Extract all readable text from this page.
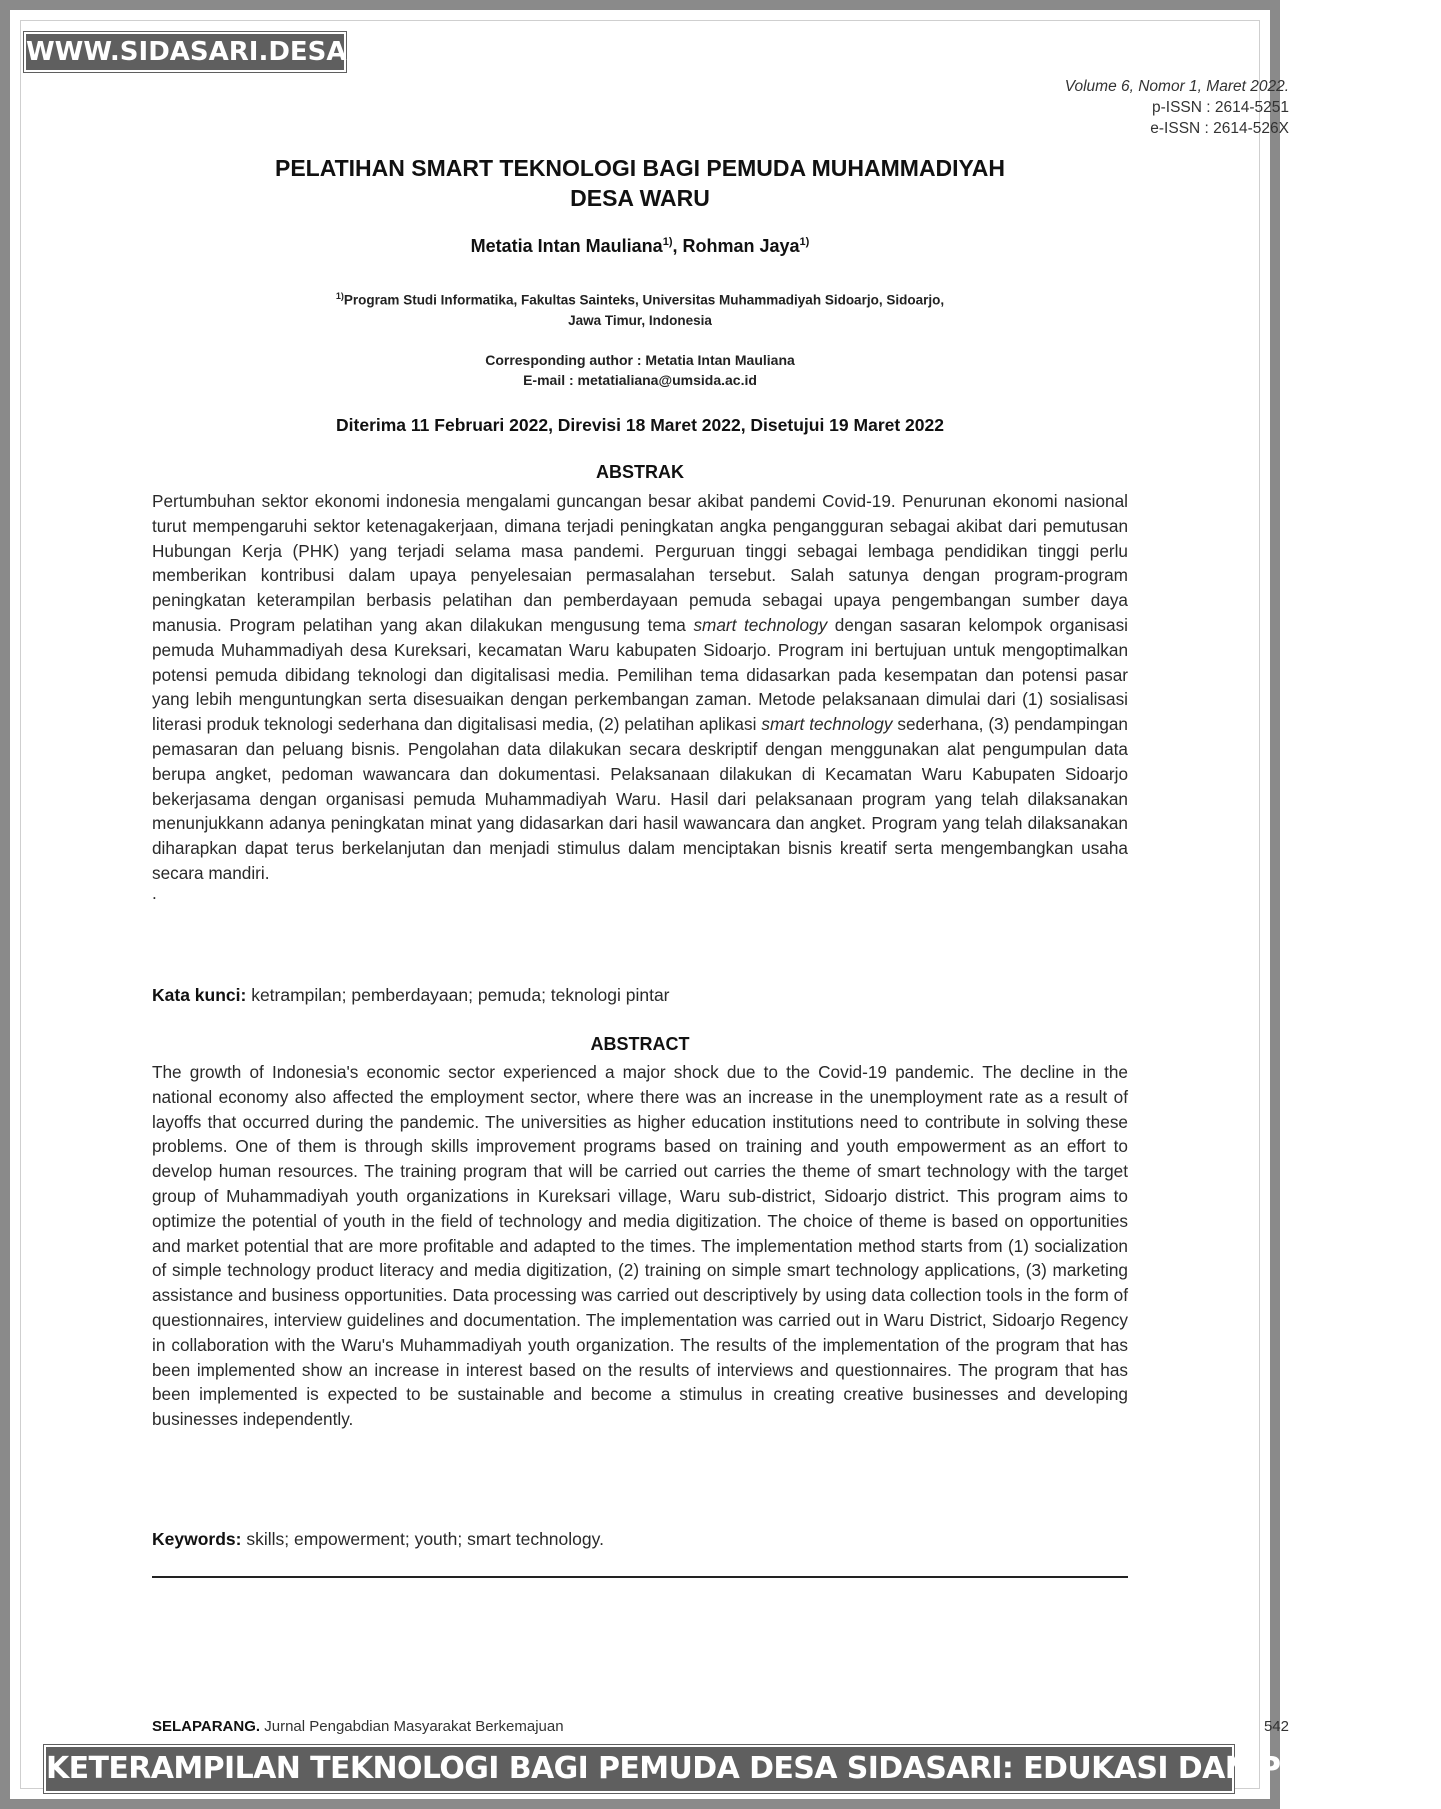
WWW.SIDASARI.DESA.ID
Volume 6, Nomor 1, Maret 2022.
p-ISSN : 2614-5251
e-ISSN : 2614-526X
PELATIHAN SMART TEKNOLOGI BAGI PEMUDA MUHAMMADIYAH
DESA WARU
Metatia Intan Mauliana$^{1)}$, Rohman Jaya$^{1)}$
$^{1)}$Program Studi Informatika, Fakultas Sainteks, Universitas Muhammadiyah Sidoarjo, Sidoarjo,
Jawa Timur, Indonesia
Corresponding author : Metatia Intan Mauliana
E-mail : metatialiana@umsida.ac.id
Diterima 11 Februari 2022, Direvisi 18 Maret 2022, Disetujui 19 Maret 2022
ABSTRAK
Pertumbuhan sektor ekonomi indonesia mengalami guncangan besar akibat pandemi Covid-19. Penurunan ekonomi nasional turut mempengaruhi sektor ketenagakerjaan, dimana terjadi peningkatan angka pengangguran sebagai akibat dari pemutusan Hubungan Kerja (PHK) yang terjadi selama masa pandemi. Perguruan tinggi sebagai lembaga pendidikan tinggi perlu memberikan kontribusi dalam upaya penyelesaian permasalahan tersebut. Salah satunya dengan program-program peningkatan keterampilan berbasis pelatihan dan pemberdayaan pemuda sebagai upaya pengembangan sumber daya manusia. Program pelatihan yang akan dilakukan mengusung tema smart technology dengan sasaran kelompok organisasi pemuda Muhammadiyah desa Kureksari, kecamatan Waru kabupaten Sidoarjo. Program ini bertujuan untuk mengoptimalkan potensi pemuda dibidang teknologi dan digitalisasi media. Pemilihan tema didasarkan pada kesempatan dan potensi pasar yang lebih menguntungkan serta disesuaikan dengan perkembangan zaman. Metode pelaksanaan dimulai dari (1) sosialisasi literasi produk teknologi sederhana dan digitalisasi media, (2) pelatihan aplikasi smart technology sederhana, (3) pendampingan pemasaran dan peluang bisnis. Pengolahan data dilakukan secara deskriptif dengan menggunakan alat pengumpulan data berupa angket, pedoman wawancara dan dokumentasi. Pelaksanaan dilakukan di Kecamatan Waru Kabupaten Sidoarjo bekerjasama dengan organisasi pemuda Muhammadiyah Waru. Hasil dari pelaksanaan program yang telah dilaksanakan menunjukkann adanya peningkatan minat yang didasarkan dari hasil wawancara dan angket. Program yang telah dilaksanakan diharapkan dapat terus berkelanjutan dan menjadi stimulus dalam menciptakan bisnis kreatif serta mengembangkan usaha secara mandiri.
.
Kata kunci: ketrampilan; pemberdayaan; pemuda; teknologi pintar
ABSTRACT
The growth of Indonesia's economic sector experienced a major shock due to the Covid-19 pandemic. The decline in the national economy also affected the employment sector, where there was an increase in the unemployment rate as a result of layoffs that occurred during the pandemic. The universities as higher education institutions need to contribute in solving these problems. One of them is through skills improvement programs based on training and youth empowerment as an effort to develop human resources. The training program that will be carried out carries the theme of smart technology with the target group of Muhammadiyah youth organizations in Kureksari village, Waru sub-district, Sidoarjo district. This program aims to optimize the potential of youth in the field of technology and media digitization. The choice of theme is based on opportunities and market potential that are more profitable and adapted to the times. The implementation method starts from (1) socialization of simple technology product literacy and media digitization, (2) training on simple smart technology applications, (3) marketing assistance and business opportunities. Data processing was carried out descriptively by using data collection tools in the form of questionnaires, interview guidelines and documentation. The implementation was carried out in Waru District, Sidoarjo Regency in collaboration with the Waru's Muhammadiyah youth organization. The results of the implementation of the program that has been implemented show an increase in interest based on the results of interviews and questionnaires. The program that has been implemented is expected to be sustainable and become a stimulus in creating creative businesses and developing businesses independently.
Keywords: skills; empowerment; youth; smart technology.
SELAPARANG. Jurnal Pengabdian Masyarakat Berkemajuan	542
KETERAMPILAN TEKNOLOGI BAGI PEMUDA DESA SIDASARI: EDUKASI DAN PELATIHAN
